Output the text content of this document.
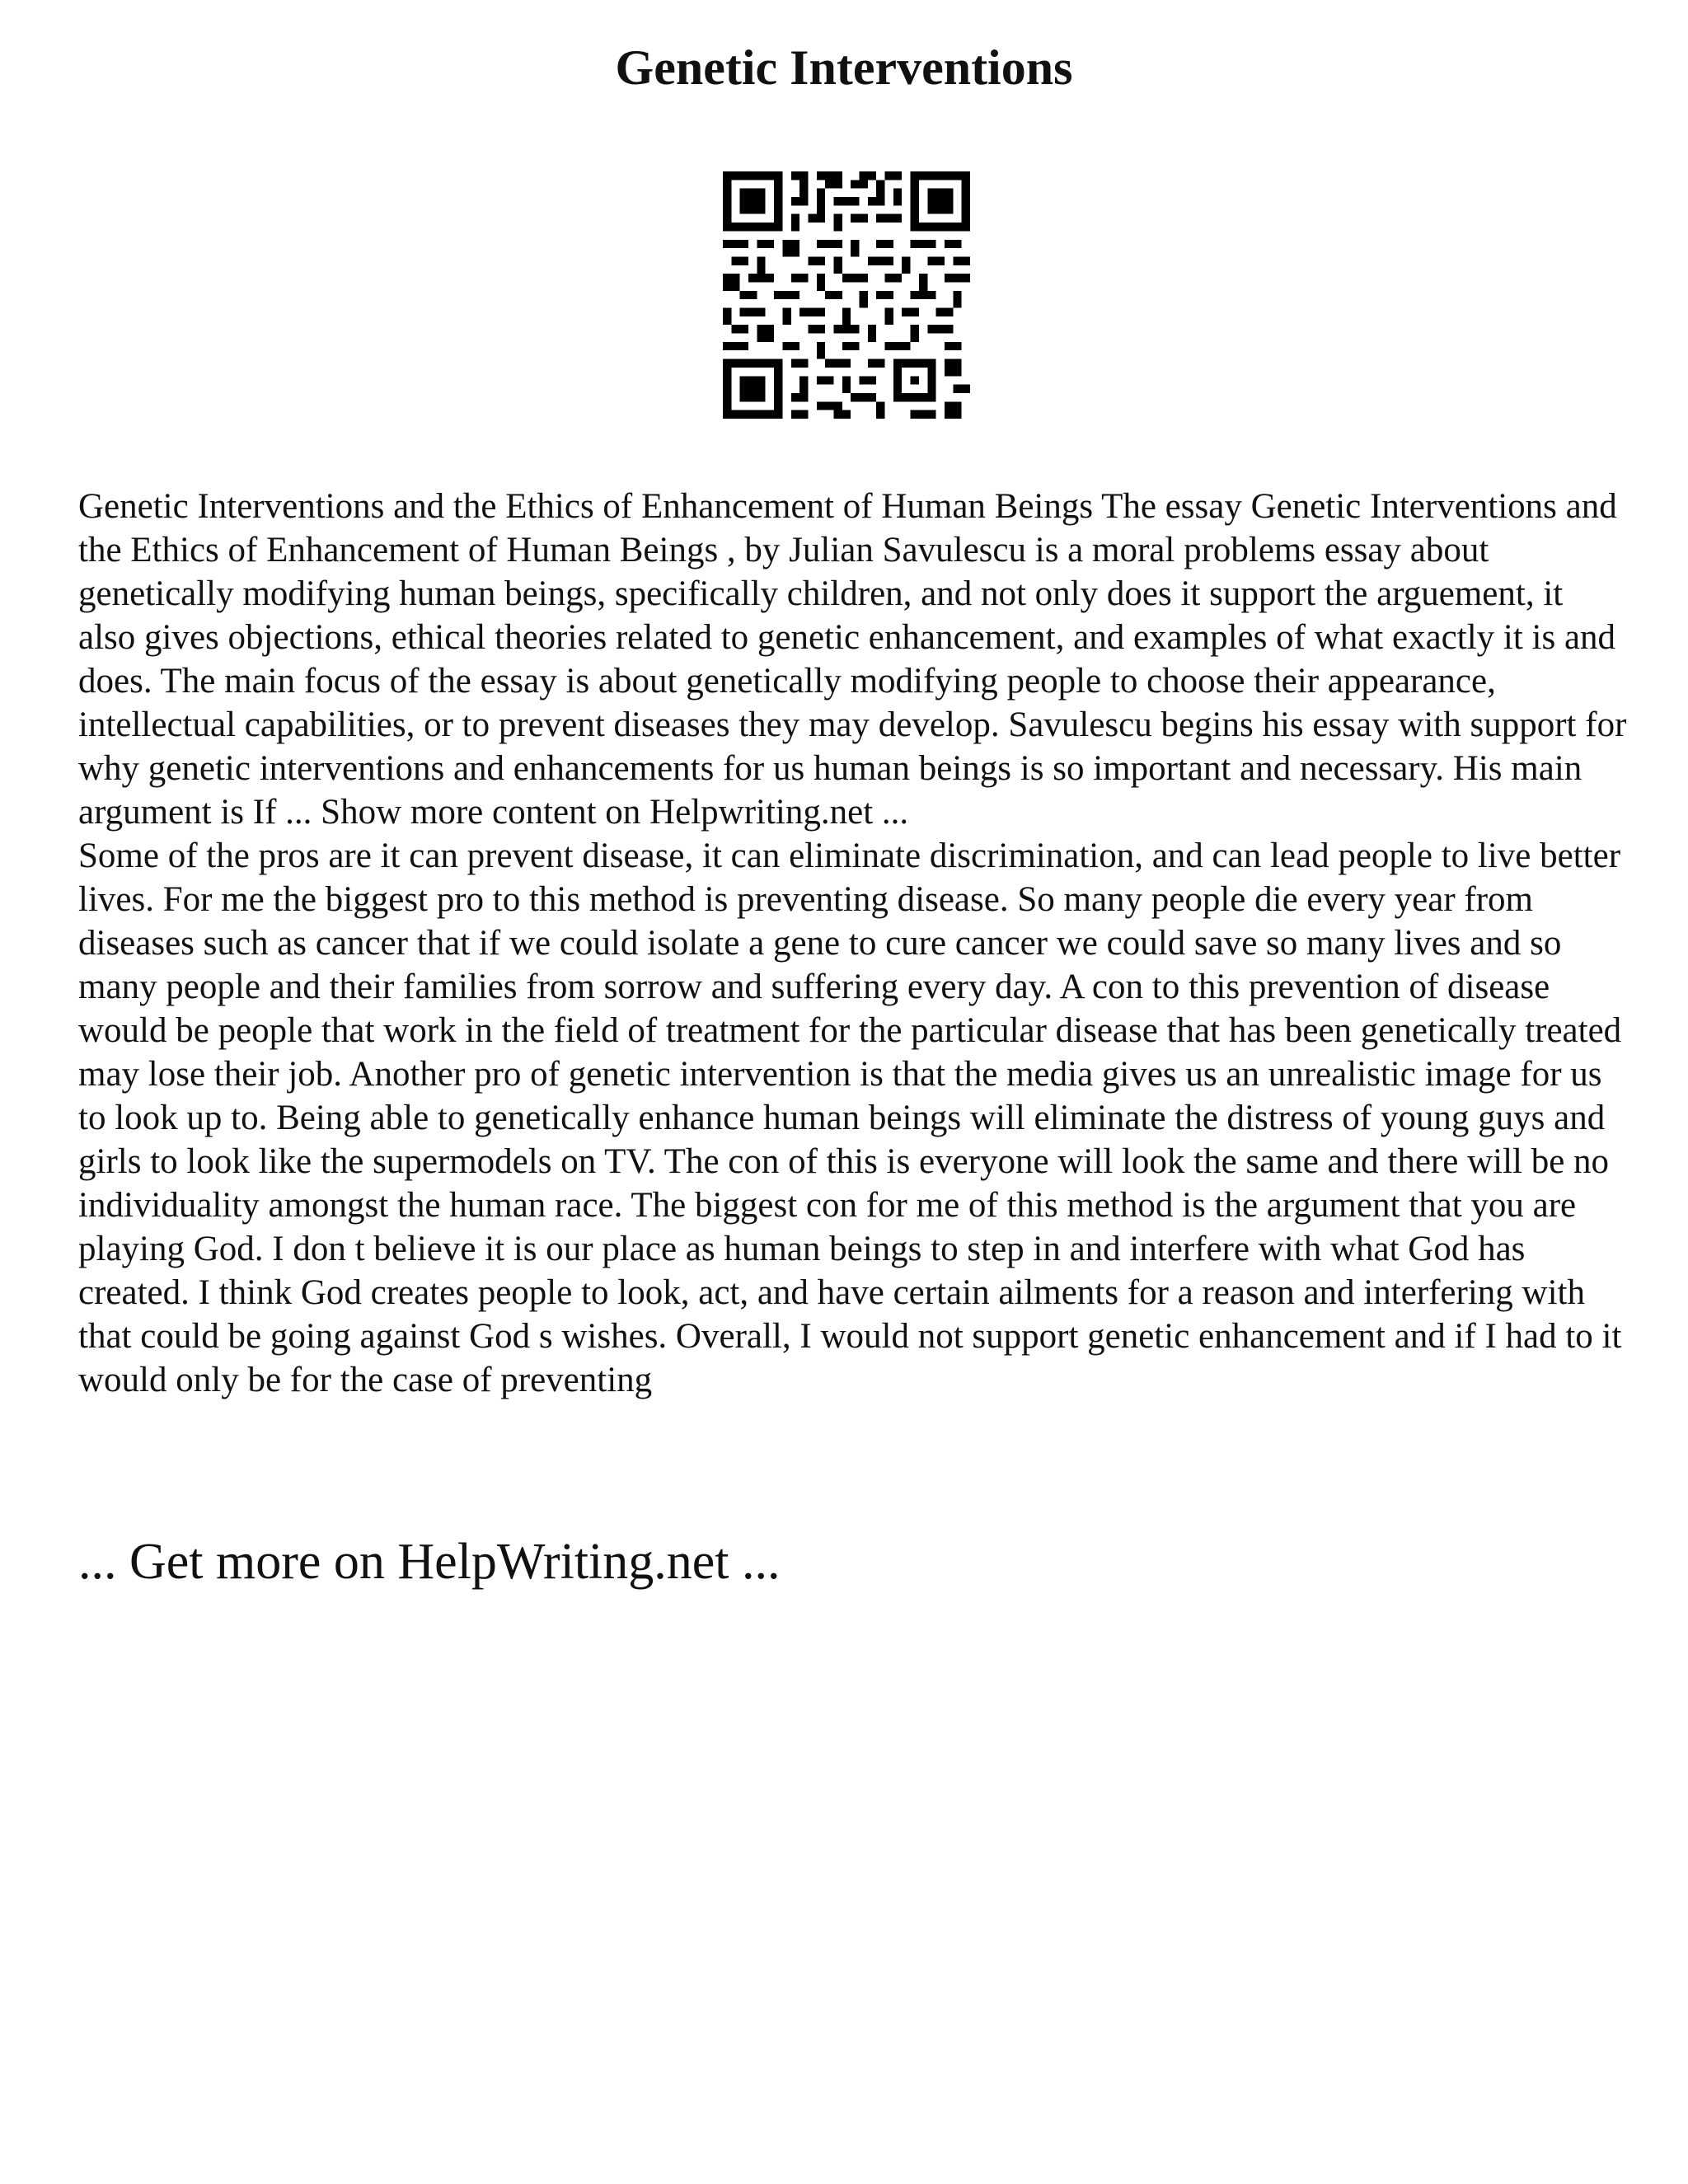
Genetic Interventions

Genetic Interventions and the Ethics of Enhancement of Human Beings The essay Genetic Interventions and the Ethics of Enhancement of Human Beings , by Julian Savulescu is a moral problems essay about genetically modifying human beings, specifically children, and not only does it support the arguement, it also gives objections, ethical theories related to genetic enhancement, and examples of what exactly it is and does. The main focus of the essay is about genetically modifying people to choose their appearance, intellectual capabilities, or to prevent diseases they may develop. Savulescu begins his essay with support for why genetic interventions and enhancements for us human beings is so important and necessary. His main argument is If ... Show more content on Helpwriting.net ...

Some of the pros are it can prevent disease, it can eliminate discrimination, and can lead people to live better lives. For me the biggest pro to this method is preventing disease. So many people die every year from diseases such as cancer that if we could isolate a gene to cure cancer we could save so many lives and so many people and their families from sorrow and suffering every day. A con to this prevention of disease would be people that work in the field of treatment for the particular disease that has been genetically treated may lose their job. Another pro of genetic intervention is that the media gives us an unrealistic image for us to look up to. Being able to genetically enhance human beings will eliminate the distress of young guys and girls to look like the supermodels on TV. The con of this is everyone will look the same and there will be no individuality amongst the human race. The biggest con for me of this method is the argument that you are playing God. I don t believe it is our place as human beings to step in and interfere with what God has created. I think God creates people to look, act, and have certain ailments for a reason and interfering with that could be going against God s wishes. Overall, I would not support genetic enhancement and if I had to it would only be for the case of preventing

... Get more on HelpWriting.net ...
